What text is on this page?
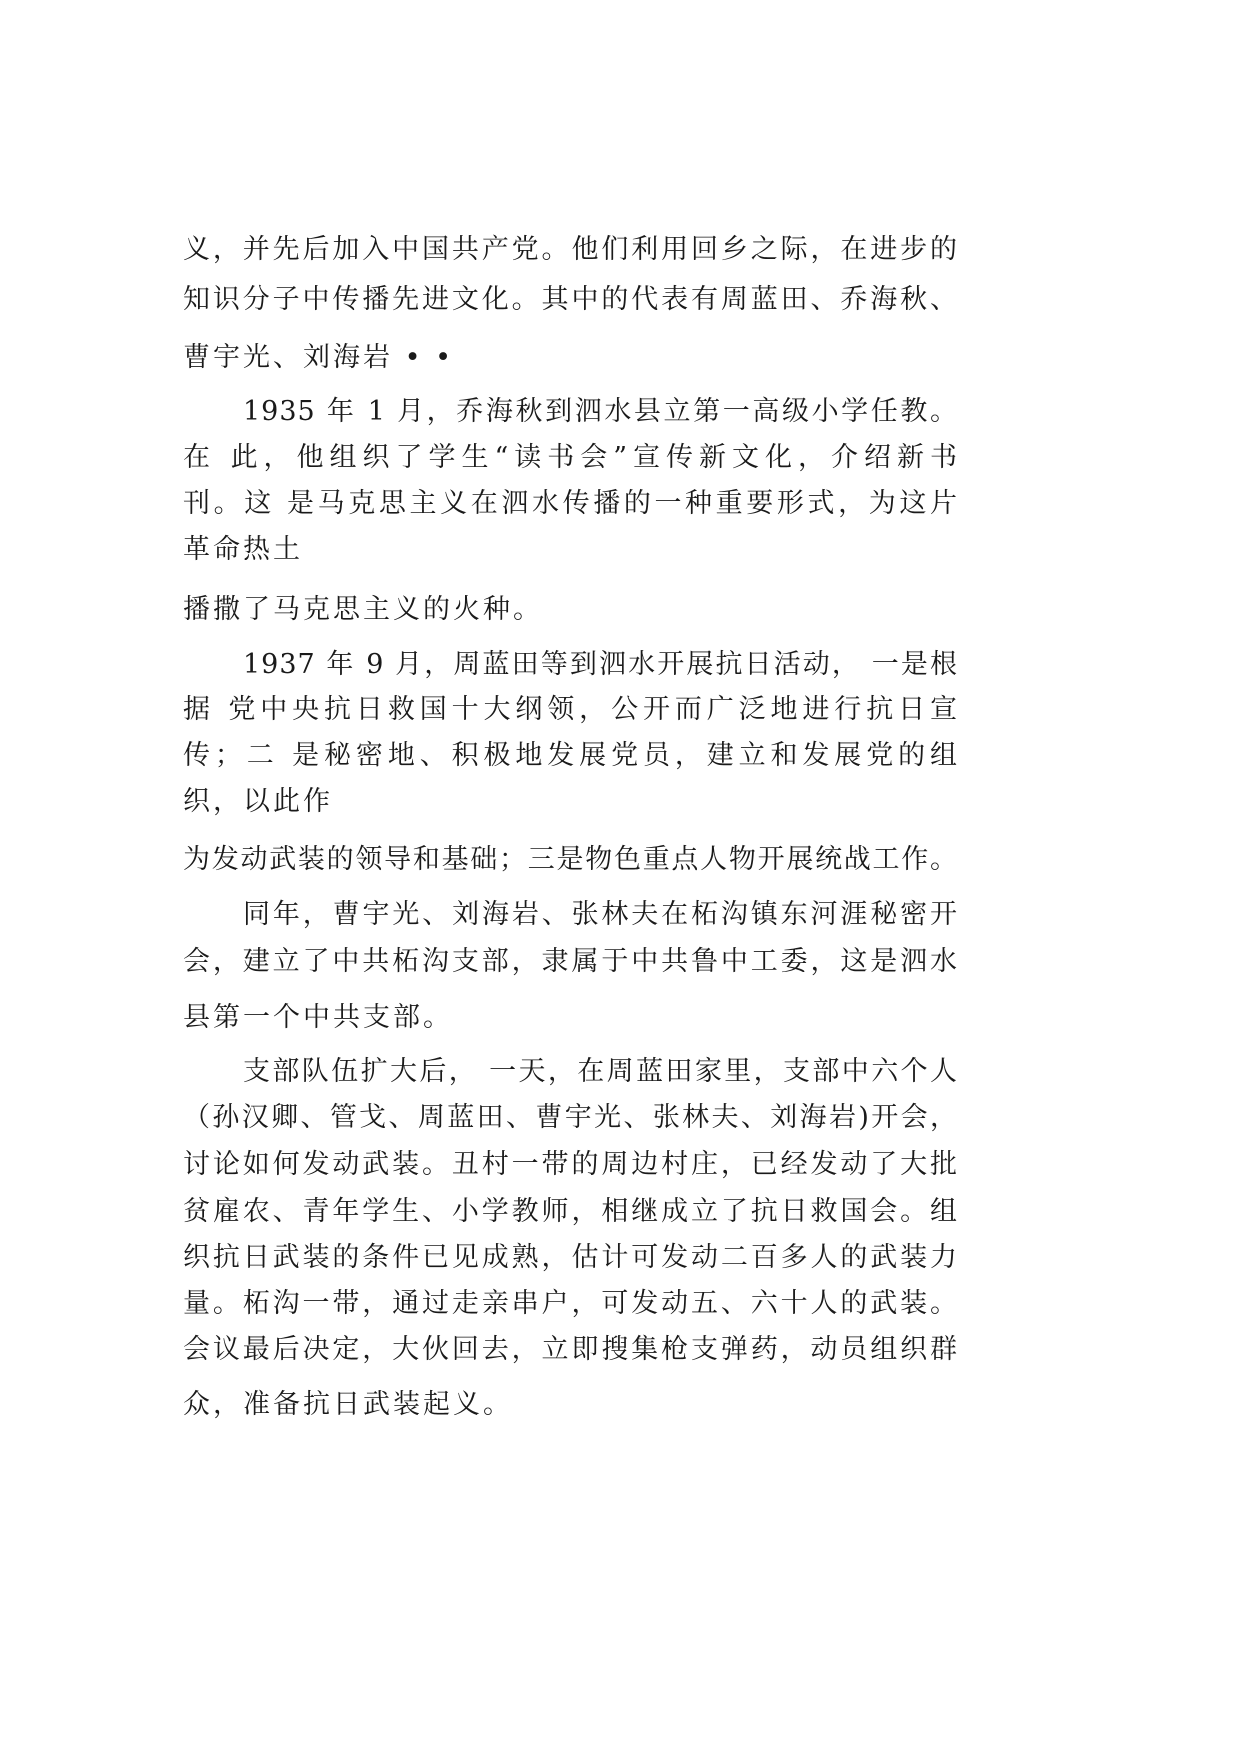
义，并先后加入中国共产党。他们利用回乡之际，在进步的
知识分子中传播先进文化。其中的代表有周蓝田、乔海秋、
曹宇光、刘海岩 • •
1935 年 1 月，乔海秋到泗水县立第一高级小学任教。
在 此，他组织了学生“读书会”宣传新文化，介绍新书
刊。这 是马克思主义在泗水传播的一种重要形式，为这片
革命热土
播撒了马克思主义的火种。
1937 年 9 月，周蓝田等到泗水开展抗日活动， 一是根
据 党中央抗日救国十大纲领，公开而广泛地进行抗日宣
传；二 是秘密地、积极地发展党员，建立和发展党的组
织，以此作
为发动武装的领导和基础；三是物色重点人物开展统战工作。
同年，曹宇光、刘海岩、张林夫在柘沟镇东河涯秘密开
会，建立了中共柘沟支部，隶属于中共鲁中工委，这是泗水
县第一个中共支部。
支部队伍扩大后， 一天，在周蓝田家里，支部中六个人
（孙汉卿、管戈、周蓝田、曹宇光、张林夫、刘海岩)开会，
讨论如何发动武装。丑村一带的周边村庄，已经发动了大批
贫雇农、青年学生、小学教师，相继成立了抗日救国会。组
织抗日武装的条件已见成熟，估计可发动二百多人的武装力
量。柘沟一带，通过走亲串户，可发动五、六十人的武装。
会议最后决定，大伙回去，立即搜集枪支弹药，动员组织群
众，准备抗日武装起义。
